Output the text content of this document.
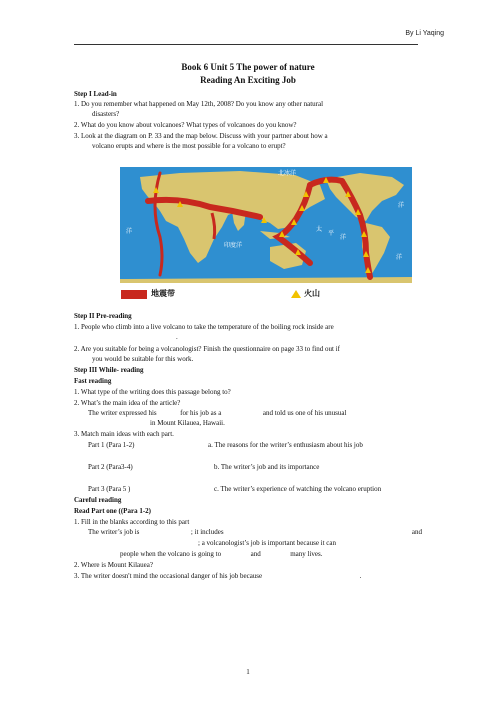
By Li Yaqing
Book 6 Unit 5 The power of nature
Reading An Exciting Job
Step I Lead-in
1. Do you remember what happened on May 12th, 2008? Do you know any other natural
disasters?
2. What do you know about volcanoes? What types of volcanoes do you know?
3. Look at the diagram on P. 33 and the map below. Discuss with your partner about how a
volcano erupts and where is the most possible for a volcano to erupt?
北冰洋
洋
印度洋
太
平
洋
洋
洋
地震带	火山
Step II Pre-reading
1. People who climb into a live volcano to take the temperature of the boiling rock inside are
.
2. Are you suitable for being a volcanologist? Finish the questionnaire on page 33 to find out if
you would be suitable for this work.
Step III While- reading
Fast reading
1. What type of the writing does this passage belong to?
2. What’s the main idea of the article?
The writer expressed his	for his job as a	and told us one of his unusual
in Mount Kilauea, Hawaii.
3. Match main ideas with each part.
Part 1 (Para 1-2)	a. The reasons for the writer’s enthusiasm about his job
Part 2 (Para3-4)	b. The writer’s job and its importance
Part 3 (Para 5 )	c. The writer’s experience of watching the volcano eruption
Careful reading
Read Part one ((Para 1-2)
1. Fill in the blanks according to this part
The writer’s job is	; it includes	and
; a volcanologist’s job is important because it can
people when the volcano is going to	and	many lives.
2. Where is Mount Kilauea?
3. The writer doesn't mind the occasional danger of his job because	.
1
